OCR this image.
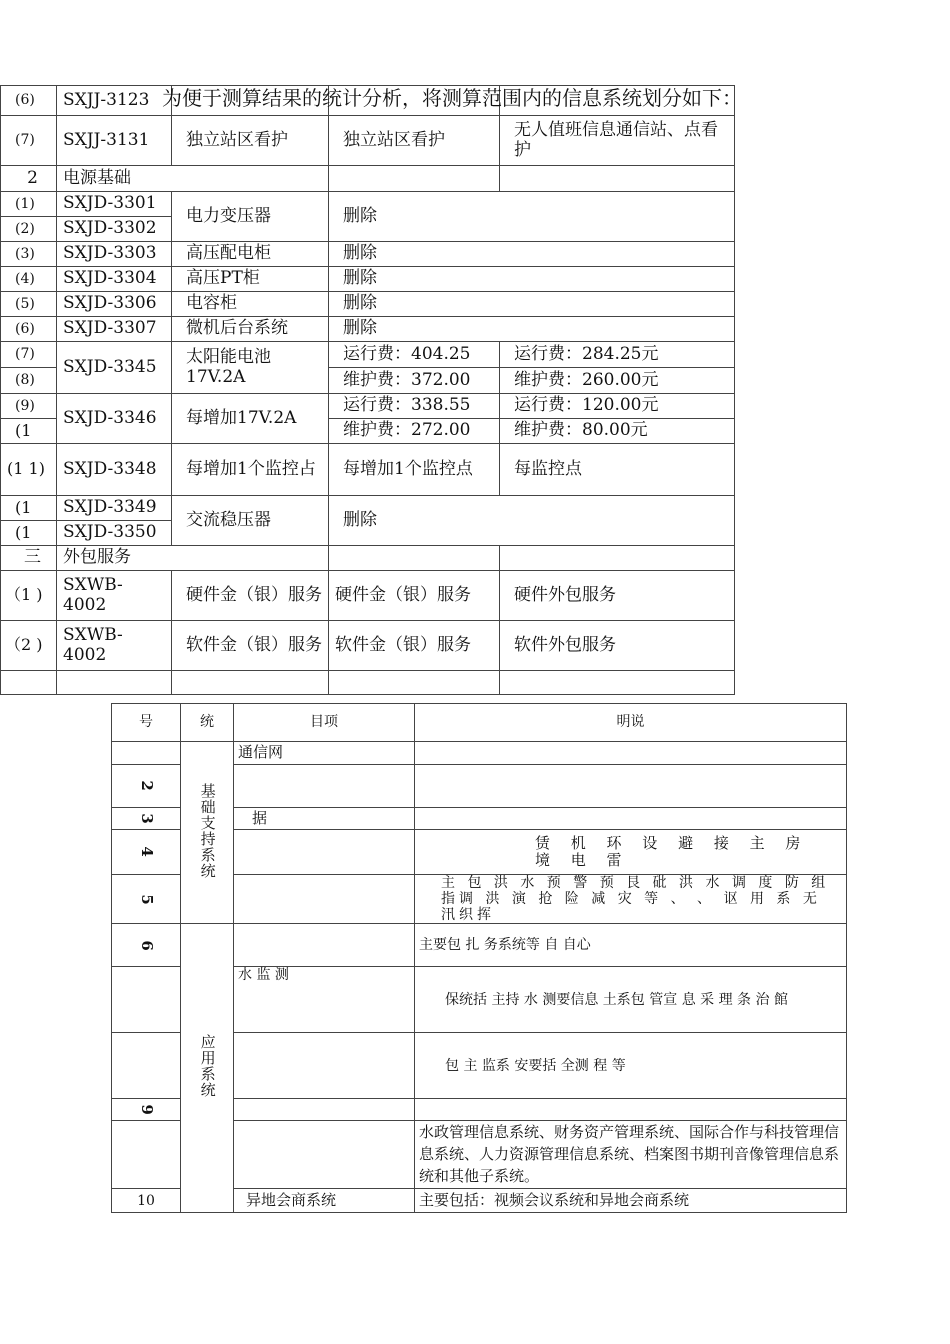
(6)	SXJJ-3123			
(7)	SXJJ-3131	独立站区看护	独立站区看护	无人值班信息通信站、点看护
2	电源基础			
(1)	SXJD-3301	电力变压器	删除	
(2)	SXJD-3302			
(3)	SXJD-3303	高压配电柜	删除	
(4)	SXJD-3304	高压PT柜	删除	
(5)	SXJD-3306	电容柜	删除	
(6)	SXJD-3307	微机后台系统	删除	
(7)	SXJD-3345	太阳能电池17V.2A	运行费：404.25	运行费：284.25元
(8)			维护费：372.00	维护费：260.00元
(9)	SXJD-3346	每增加17V.2A	运行费：338.55	运行费：120.00元
(1			维护费：272.00	维护费：80.00元
(1 1)	SXJD-3348	每增加1个监控占	每增加1个监控点	每监控点
(1	SXJD-3349	交流稳压器	删除	
(1	SXJD-3350			
三	外包服务			
（1 )	SXWB-4002	硬件金（银）服务	硬件金（银）服务	硬件外包服务
（2 )	SXWB-4002	软件金（银）服务	软件金（银）服务	软件外包服务

为便于测算结果的统计分析，将测算范围内的信息系统划分如下：
号	统	目项	明说
	基础支持系统	通信网	
2			
3		据	
4			赁 机 环 设 避 接 主 房 境 电 雷
5			主 包 洪 水 预 警 预 艮 砒 洪 水 调 度 防 组指调 洪 演 抢 险 减 灾 等 、 、 讴 用 系 无 汛织挥
6	应用系统		主要包 扎 务系统等 自 自心
		水 监 测	保统括 主持 水 测要信息 土系包 管宣 息 采 理 条 治 館
			包 主 监系 安要括 全测 程 等
9			
			水政管理信息系统、财务资产管理系统、国际合作与科技管理信息系统、人力资源管理信息系统、档案图书期刊音像管理信息系统和其他子系统。
10		异地会商系统	主要包括：视频会议系统和异地会商系统
